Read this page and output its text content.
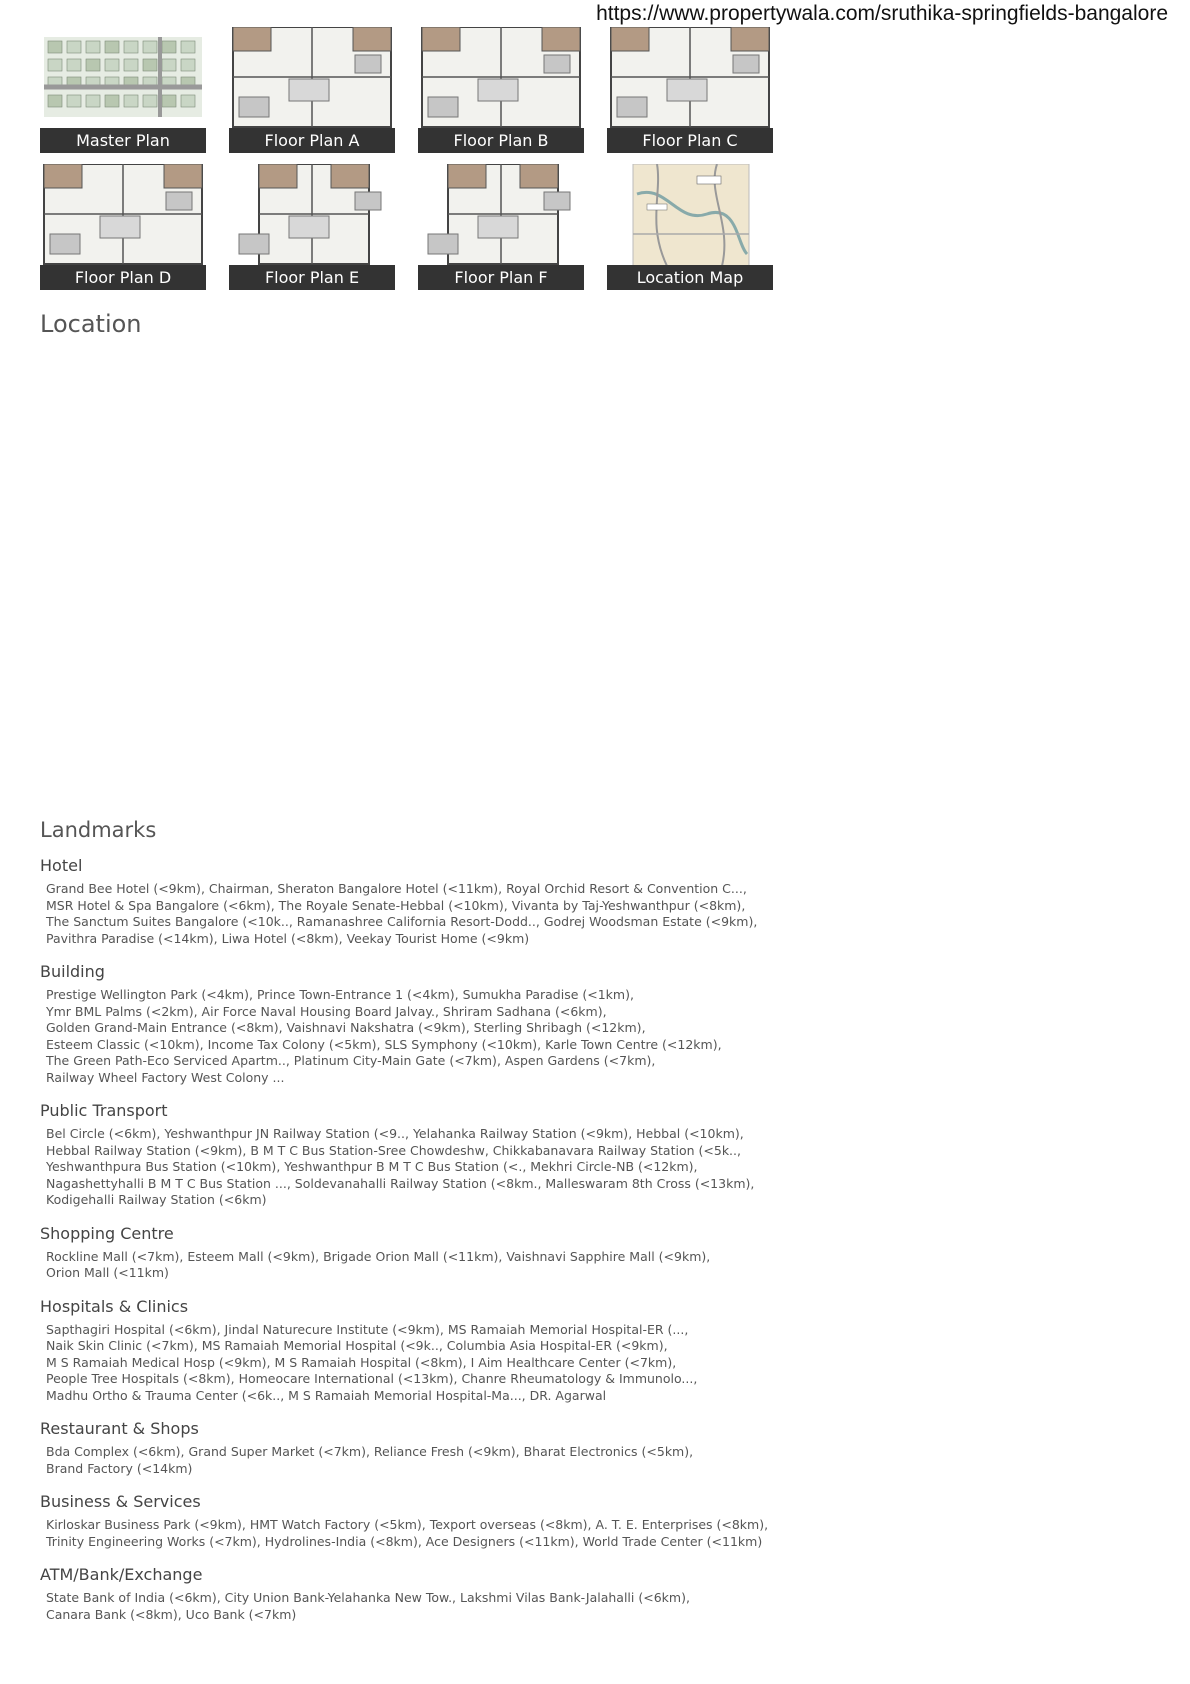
https://www.propertywala.com/sruthika-springfields-bangalore
Master Plan	Floor Plan A	Floor Plan B	Floor Plan C
Floor Plan D	Floor Plan E	Floor Plan F	Location Map
Location
Landmarks
Hotel
Grand Bee Hotel (<9km), Chairman, Sheraton Bangalore Hotel (<11km), Royal Orchid Resort & Convention C...,
MSR Hotel & Spa Bangalore (<6km), The Royale Senate-Hebbal (<10km), Vivanta by Taj-Yeshwanthpur (<8km),
The Sanctum Suites Bangalore (<10k.., Ramanashree California Resort-Dodd.., Godrej Woodsman Estate (<9km),
Pavithra Paradise (<14km), Liwa Hotel (<8km), Veekay Tourist Home (<9km)
Building
Prestige Wellington Park (<4km), Prince Town-Entrance 1 (<4km), Sumukha Paradise (<1km),
Ymr BML Palms (<2km), Air Force Naval Housing Board Jalvay., Shriram Sadhana (<6km),
Golden Grand-Main Entrance (<8km), Vaishnavi Nakshatra (<9km), Sterling Shribagh (<12km),
Esteem Classic (<10km), Income Tax Colony (<5km), SLS Symphony (<10km), Karle Town Centre (<12km),
The Green Path-Eco Serviced Apartm.., Platinum City-Main Gate (<7km), Aspen Gardens (<7km),
Railway Wheel Factory West Colony ...
Public Transport
Bel Circle (<6km), Yeshwanthpur JN Railway Station (<9.., Yelahanka Railway Station (<9km), Hebbal (<10km),
Hebbal Railway Station (<9km), B M T C Bus Station-Sree Chowdeshw, Chikkabanavara Railway Station (<5k..,
Yeshwanthpura Bus Station (<10km), Yeshwanthpur B M T C Bus Station (<., Mekhri Circle-NB (<12km),
Nagashettyhalli B M T C Bus Station ..., Soldevanahalli Railway Station (<8km., Malleswaram 8th Cross (<13km),
Kodigehalli Railway Station (<6km)
Shopping Centre
Rockline Mall (<7km), Esteem Mall (<9km), Brigade Orion Mall (<11km), Vaishnavi Sapphire Mall (<9km),
Orion Mall (<11km)
Hospitals & Clinics
Sapthagiri Hospital (<6km), Jindal Naturecure Institute (<9km), MS Ramaiah Memorial Hospital-ER (...,
Naik Skin Clinic (<7km), MS Ramaiah Memorial Hospital (<9k.., Columbia Asia Hospital-ER (<9km),
M S Ramaiah Medical Hosp (<9km), M S Ramaiah Hospital (<8km), I Aim Healthcare Center (<7km),
People Tree Hospitals (<8km), Homeocare International (<13km), Chanre Rheumatology & Immunolo...,
Madhu Ortho & Trauma Center (<6k.., M S Ramaiah Memorial Hospital-Ma..., DR. Agarwal
Restaurant & Shops
Bda Complex (<6km), Grand Super Market (<7km), Reliance Fresh (<9km), Bharat Electronics (<5km),
Brand Factory (<14km)
Business & Services
Kirloskar Business Park (<9km), HMT Watch Factory (<5km), Texport overseas (<8km), A. T. E. Enterprises (<8km),
Trinity Engineering Works (<7km), Hydrolines-India (<8km), Ace Designers (<11km), World Trade Center (<11km)
ATM/Bank/Exchange
State Bank of India (<6km), City Union Bank-Yelahanka New Tow., Lakshmi Vilas Bank-Jalahalli (<6km),
Canara Bank (<8km), Uco Bank (<7km)
